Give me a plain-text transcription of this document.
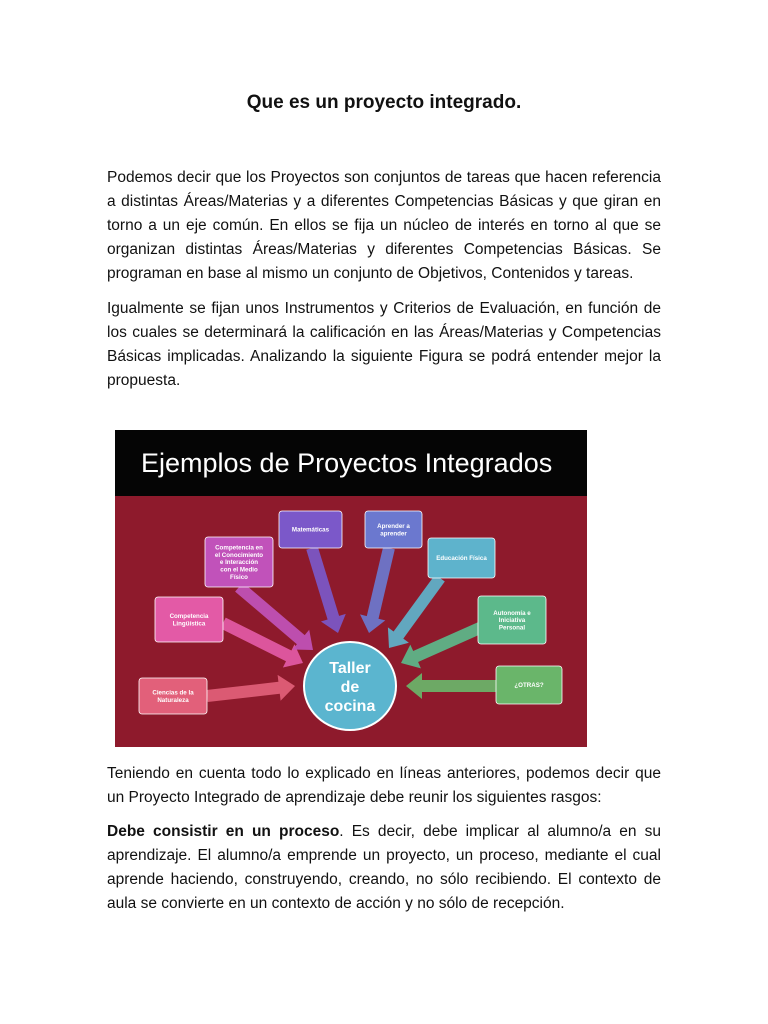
Que es un proyecto integrado.

Podemos decir que los Proyectos son conjuntos de tareas que hacen referencia a distintas Áreas/Materias y a diferentes Competencias Básicas y que giran en torno a un eje común. En ellos se fija un núcleo de interés en torno al que se organizan distintas Áreas/Materias y diferentes Competencias Básicas. Se programan en base al mismo un conjunto de Objetivos, Contenidos y tareas.

Igualmente se fijan unos Instrumentos y Criterios de Evaluación, en función de los cuales se determinará la calificación en las Áreas/Materias y Competencias Básicas implicadas. Analizando la siguiente Figura se podrá entender mejor la propuesta.

Ejemplos de Proyectos Integrados
Ciencias de la
Naturaleza
Competencia
Lingüística
Competencia en
el Conocimiento
e Interacción
con el Medio
Físico
Matemáticas
Aprender a
aprender
Educación Física
Autonomía e
Iniciativa
Personal
¿OTRAS?
Taller
de
cocina

Teniendo en cuenta todo lo explicado en líneas anteriores, podemos decir que un Proyecto Integrado de aprendizaje debe reunir los siguientes rasgos:

Debe consistir en un proceso. Es decir, debe implicar al alumno/a en su aprendizaje. El alumno/a emprende un proyecto, un proceso, mediante el cual aprende haciendo, construyendo, creando, no sólo recibiendo. El contexto de aula se convierte en un contexto de acción y no sólo de recepción.
